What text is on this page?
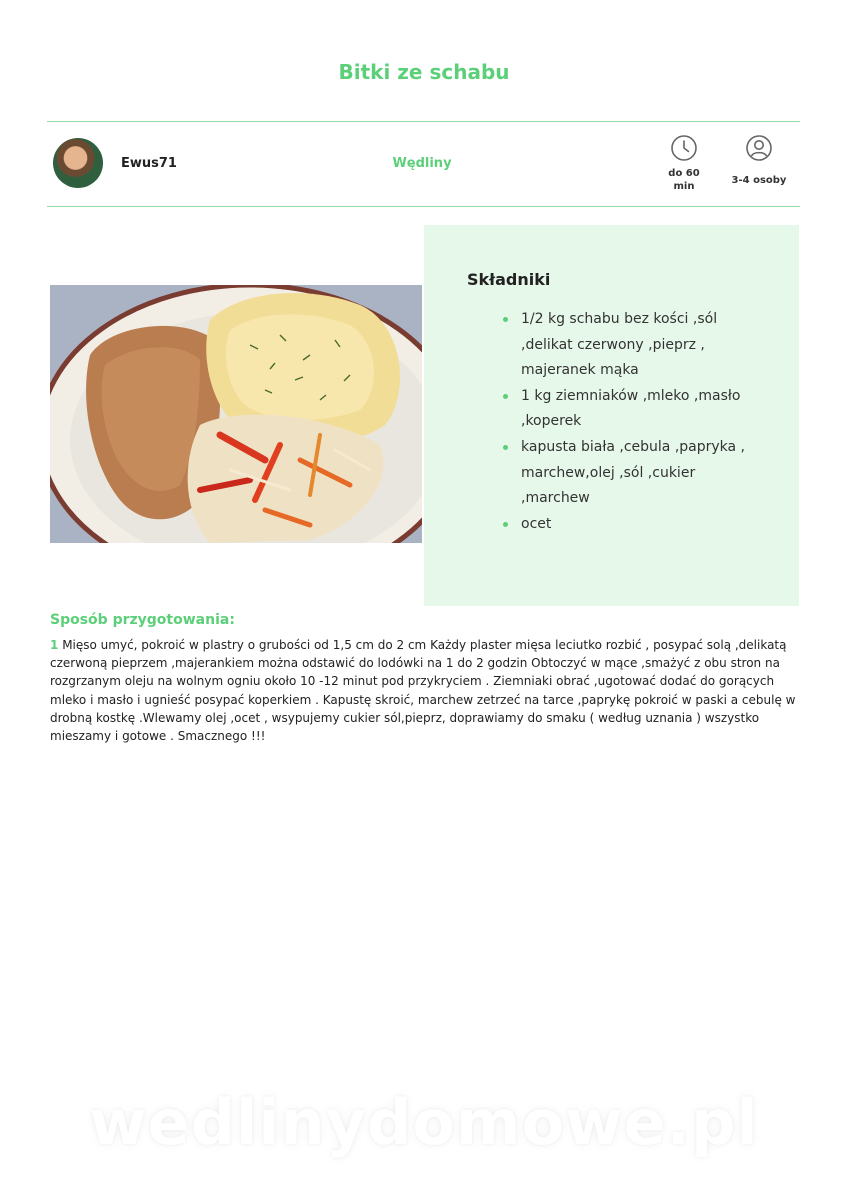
Bitki ze schabu
Ewus71	Wędliny
do 60 min
3-4 osoby
Składniki
1/2 kg schabu bez kości ,sól ,delikat czerwony ,pieprz , majeranek mąka
1 kg ziemniaków ,mleko ,masło ,koperek
kapusta biała ,cebula ,papryka , marchew,olej ,sól ,cukier ,marchew
ocet
Sposób przygotowania:

1 Mięso umyć, pokroić w plastry o grubości od 1,5 cm do 2 cm Każdy plaster mięsa leciutko rozbić , posypać solą ,delikatą czerwoną pieprzem ,majerankiem można odstawić do lodówki na 1 do 2 godzin Obtoczyć w mące ,smażyć z obu stron na rozgrzanym oleju na wolnym ogniu około 10 -12 minut pod przykryciem . Ziemniaki obrać ,ugotować dodać do gorących mleko i masło i ugnieść posypać koperkiem . Kapustę skroić, marchew zetrzeć na tarce ,paprykę pokroić w paski a cebulę w drobną kostkę .Wlewamy olej ,ocet , wsypujemy cukier sól,pieprz, doprawiamy do smaku ( według uznania ) wszystko mieszamy i gotowe . Smacznego !!!

wedlinydomowe.pl
